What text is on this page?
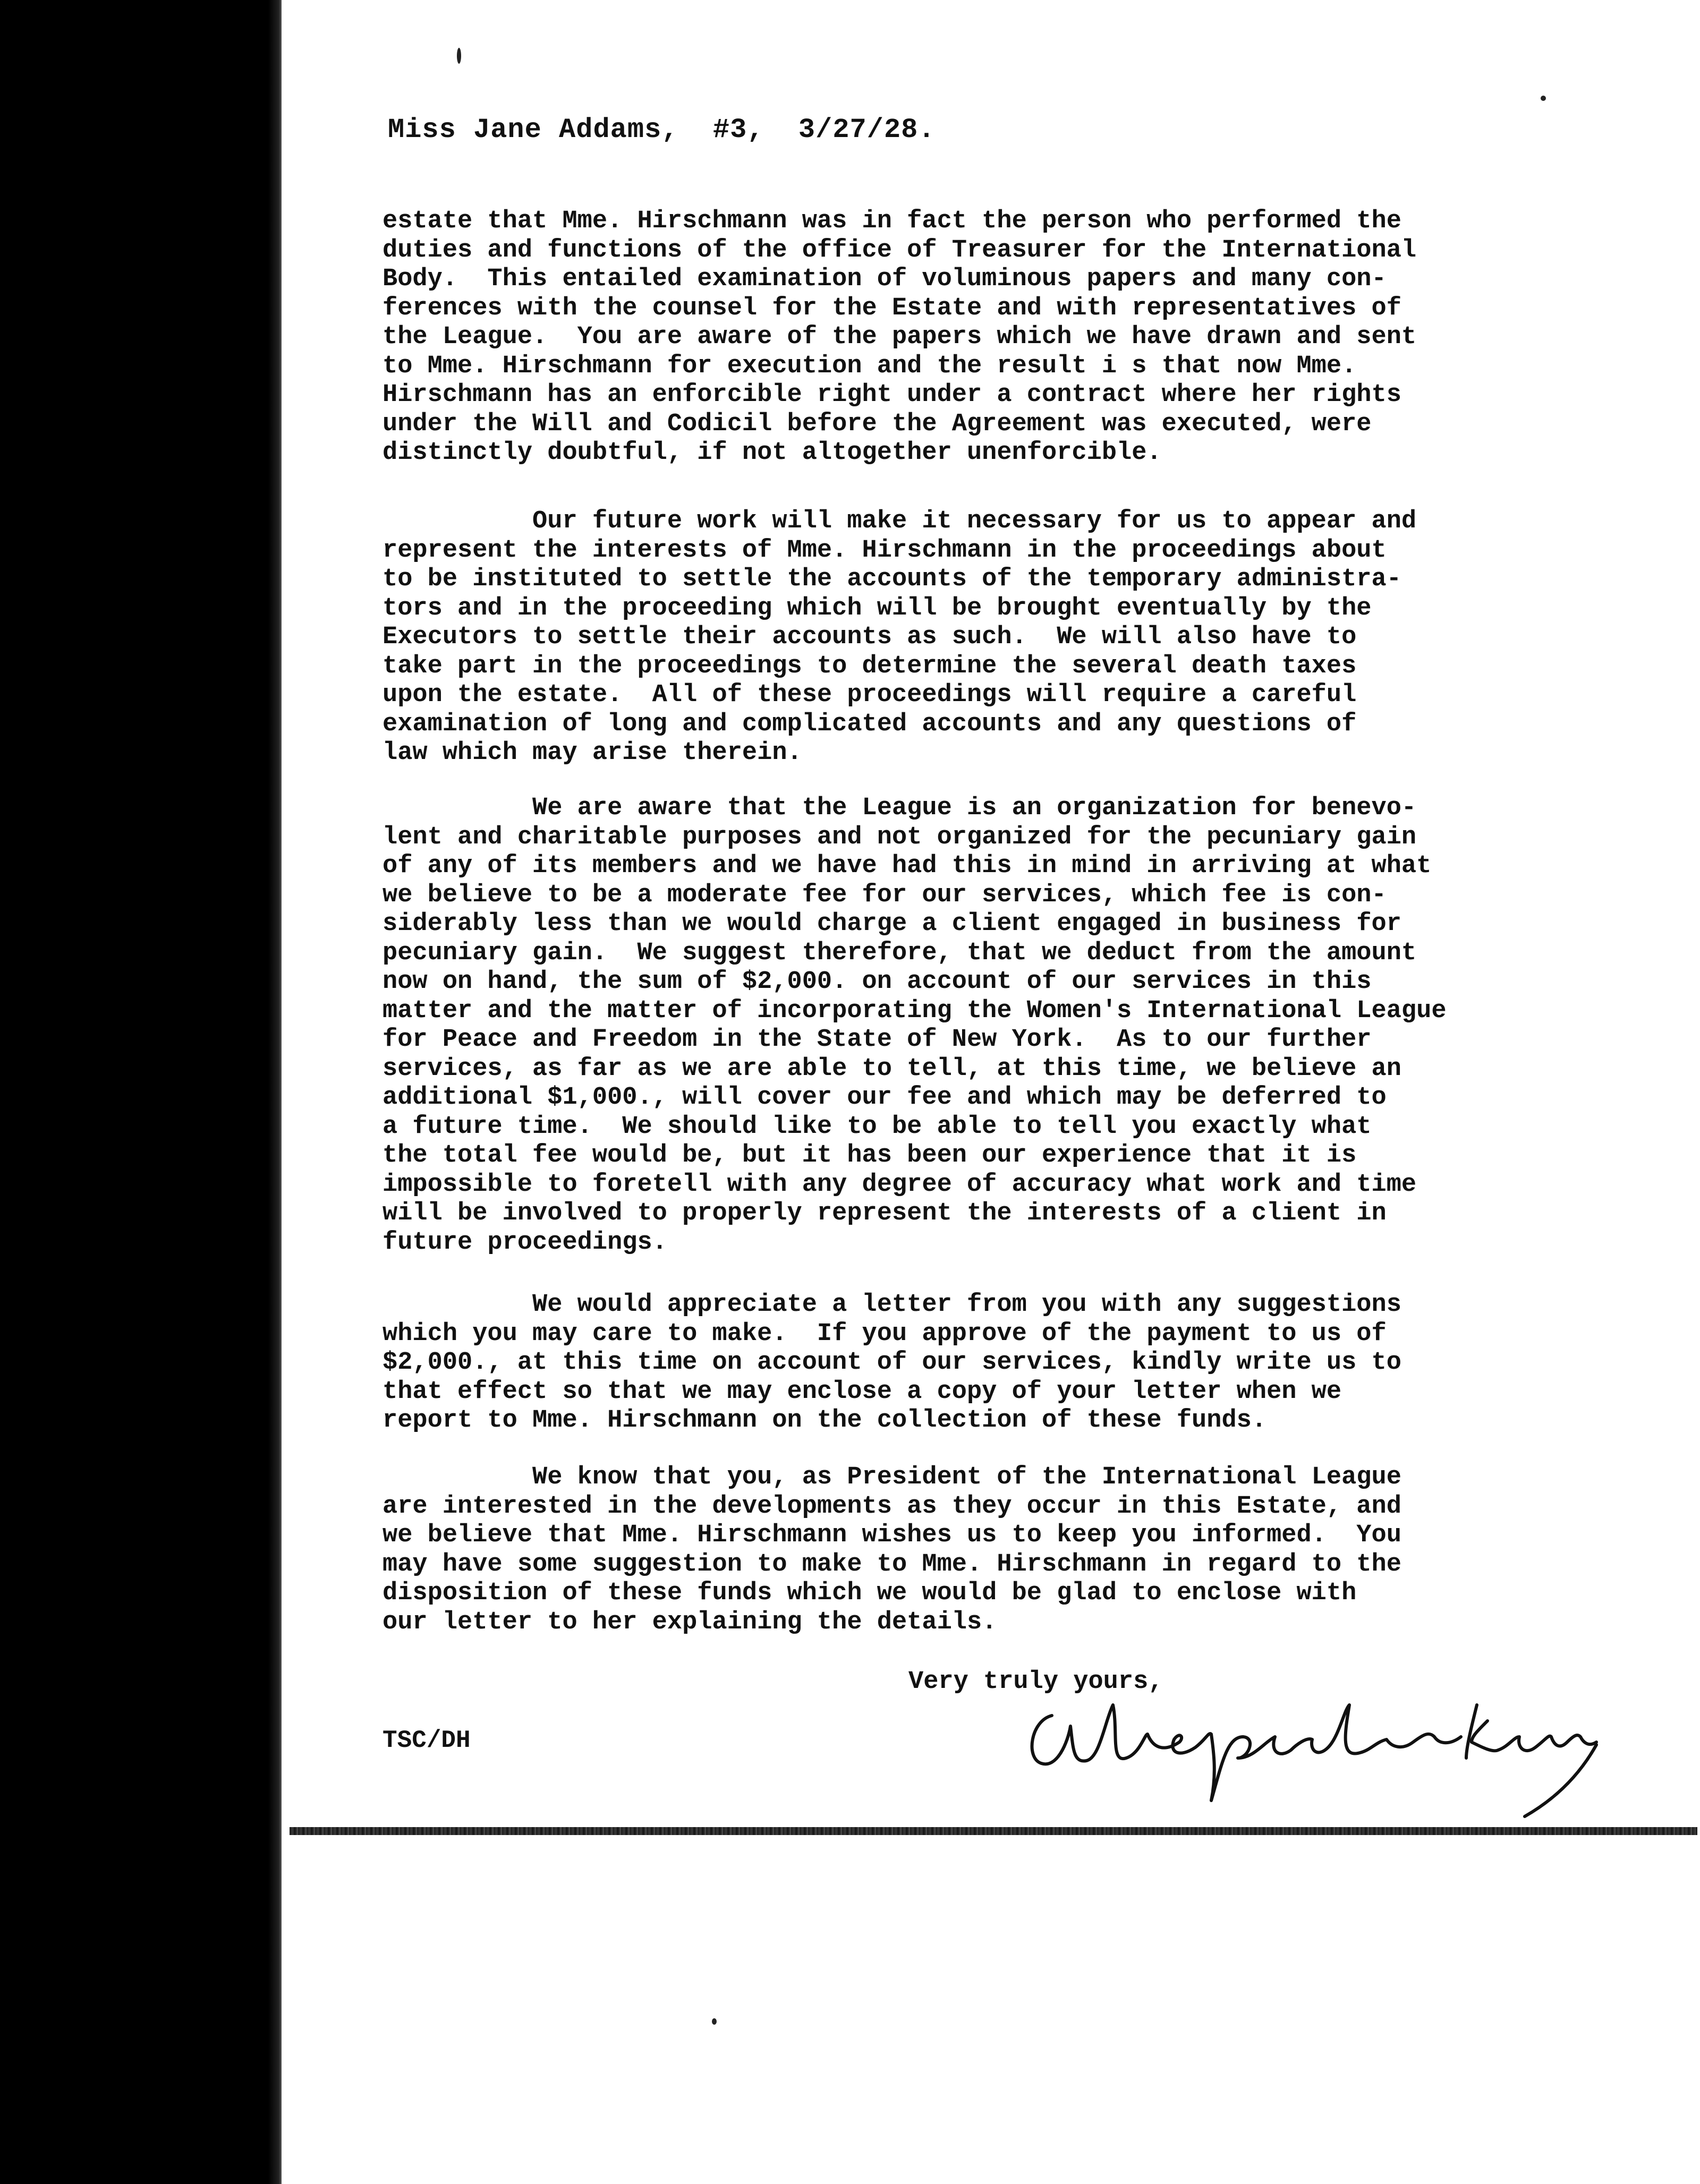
Miss Jane Addams,  #3,  3/27/28.
estate that Mme. Hirschmann was in fact the person who performed the
duties and functions of the office of Treasurer for the International
Body.  This entailed examination of voluminous papers and many con-
ferences with the counsel for the Estate and with representatives of
the League.  You are aware of the papers which we have drawn and sent
to Mme. Hirschmann for execution and the result i s that now Mme.
Hirschmann has an enforcible right under a contract where her rights
under the Will and Codicil before the Agreement was executed, were
distinctly doubtful, if not altogether unenforcible.
Our future work will make it necessary for us to appear and
represent the interests of Mme. Hirschmann in the proceedings about
to be instituted to settle the accounts of the temporary administra-
tors and in the proceeding which will be brought eventually by the
Executors to settle their accounts as such.  We will also have to
take part in the proceedings to determine the several death taxes
upon the estate.  All of these proceedings will require a careful
examination of long and complicated accounts and any questions of
law which may arise therein.
We are aware that the League is an organization for benevo-
lent and charitable purposes and not organized for the pecuniary gain
of any of its members and we have had this in mind in arriving at what
we believe to be a moderate fee for our services, which fee is con-
siderably less than we would charge a client engaged in business for
pecuniary gain.  We suggest therefore, that we deduct from the amount
now on hand, the sum of $2,000. on account of our services in this
matter and the matter of incorporating the Women's International League
for Peace and Freedom in the State of New York.  As to our further
services, as far as we are able to tell, at this time, we believe an
additional $1,000., will cover our fee and which may be deferred to
a future time.  We should like to be able to tell you exactly what
the total fee would be, but it has been our experience that it is
impossible to foretell with any degree of accuracy what work and time
will be involved to properly represent the interests of a client in
future proceedings.
We would appreciate a letter from you with any suggestions
which you may care to make.  If you approve of the payment to us of
$2,000., at this time on account of our services, kindly write us to
that effect so that we may enclose a copy of your letter when we
report to Mme. Hirschmann on the collection of these funds.
We know that you, as President of the International League
are interested in the developments as they occur in this Estate, and
we believe that Mme. Hirschmann wishes us to keep you informed.  You
may have some suggestion to make to Mme. Hirschmann in regard to the
disposition of these funds which we would be glad to enclose with
our letter to her explaining the details.
Very truly yours,
TSC/DH
